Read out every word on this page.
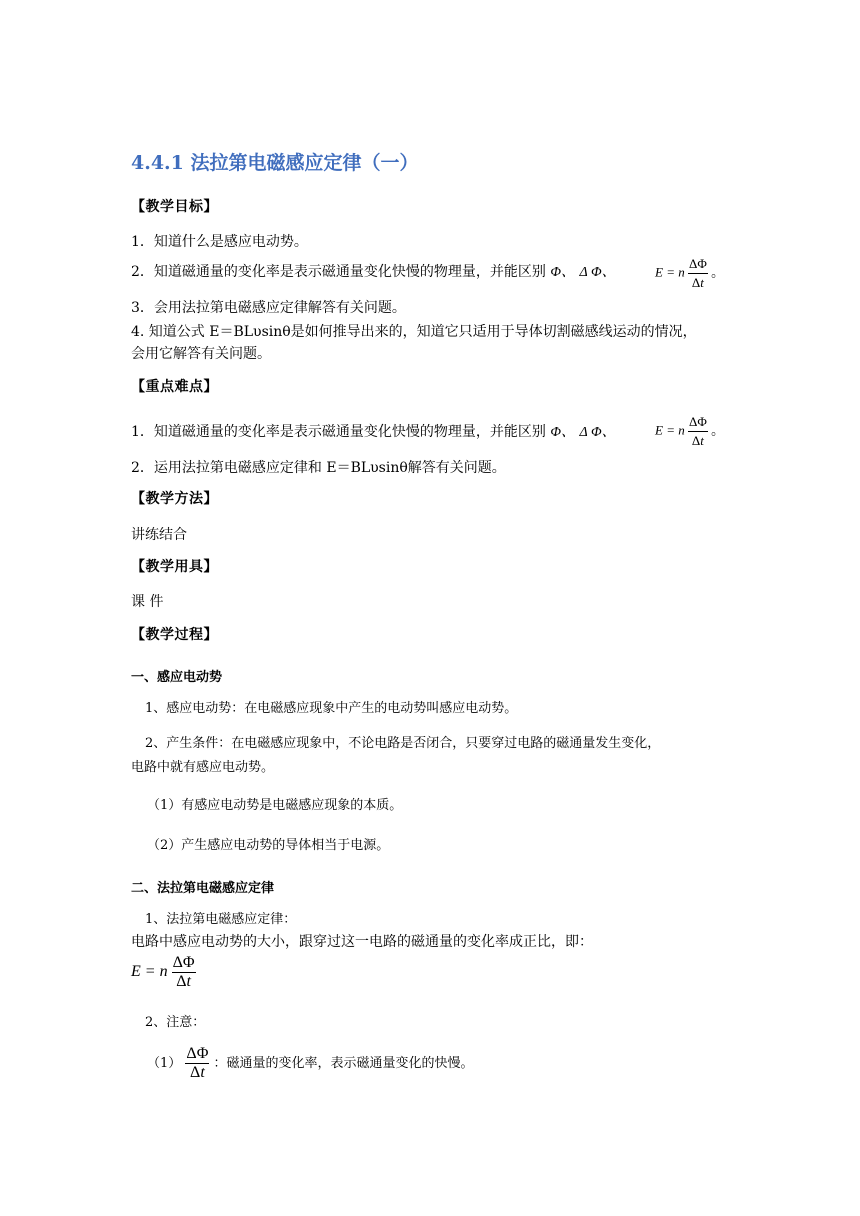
4.4.1 法拉第电磁感应定律（一）
【教学目标】
1．知道什么是感应电动势。
2．知道磁通量的变化率是表示磁通量变化快慢的物理量，并能区别 Φ、 Δ Φ、	E = n $\frac{\Delta\Phi}{\Delta t}$ 。
3．会用法拉第电磁感应定律解答有关问题。
4. 知道公式 E＝BLυsinθ是如何推导出来的，知道它只适用于导体切割磁感线运动的情况，
会用它解答有关问题。
【重点难点】
1．知道磁通量的变化率是表示磁通量变化快慢的物理量，并能区别 Φ、 Δ Φ、	E = n $\frac{\Delta\Phi}{\Delta t}$ 。
2．运用法拉第电磁感应定律和 E＝BLυsinθ解答有关问题。
【教学方法】
讲练结合
【教学用具】
课 件
【教学过程】
一、感应电动势
1、感应电动势：在电磁感应现象中产生的电动势叫感应电动势。
2、产生条件：在电磁感应现象中，不论电路是否闭合，只要穿过电路的磁通量发生变化，
电路中就有感应电动势。
（1）有感应电动势是电磁感应现象的本质。
（2）产生感应电动势的导体相当于电源。
二、法拉第电磁感应定律
1、法拉第电磁感应定律：
电路中感应电动势的大小，跟穿过这一电路的磁通量的变化率成正比，即：
E = n $\frac{\Delta\Phi}{\Delta t}$
2、注意：
$(1) \frac{\Delta\Phi}{\Delta t}$ ：磁通量的变化率，表示磁通量变化的快慢。
